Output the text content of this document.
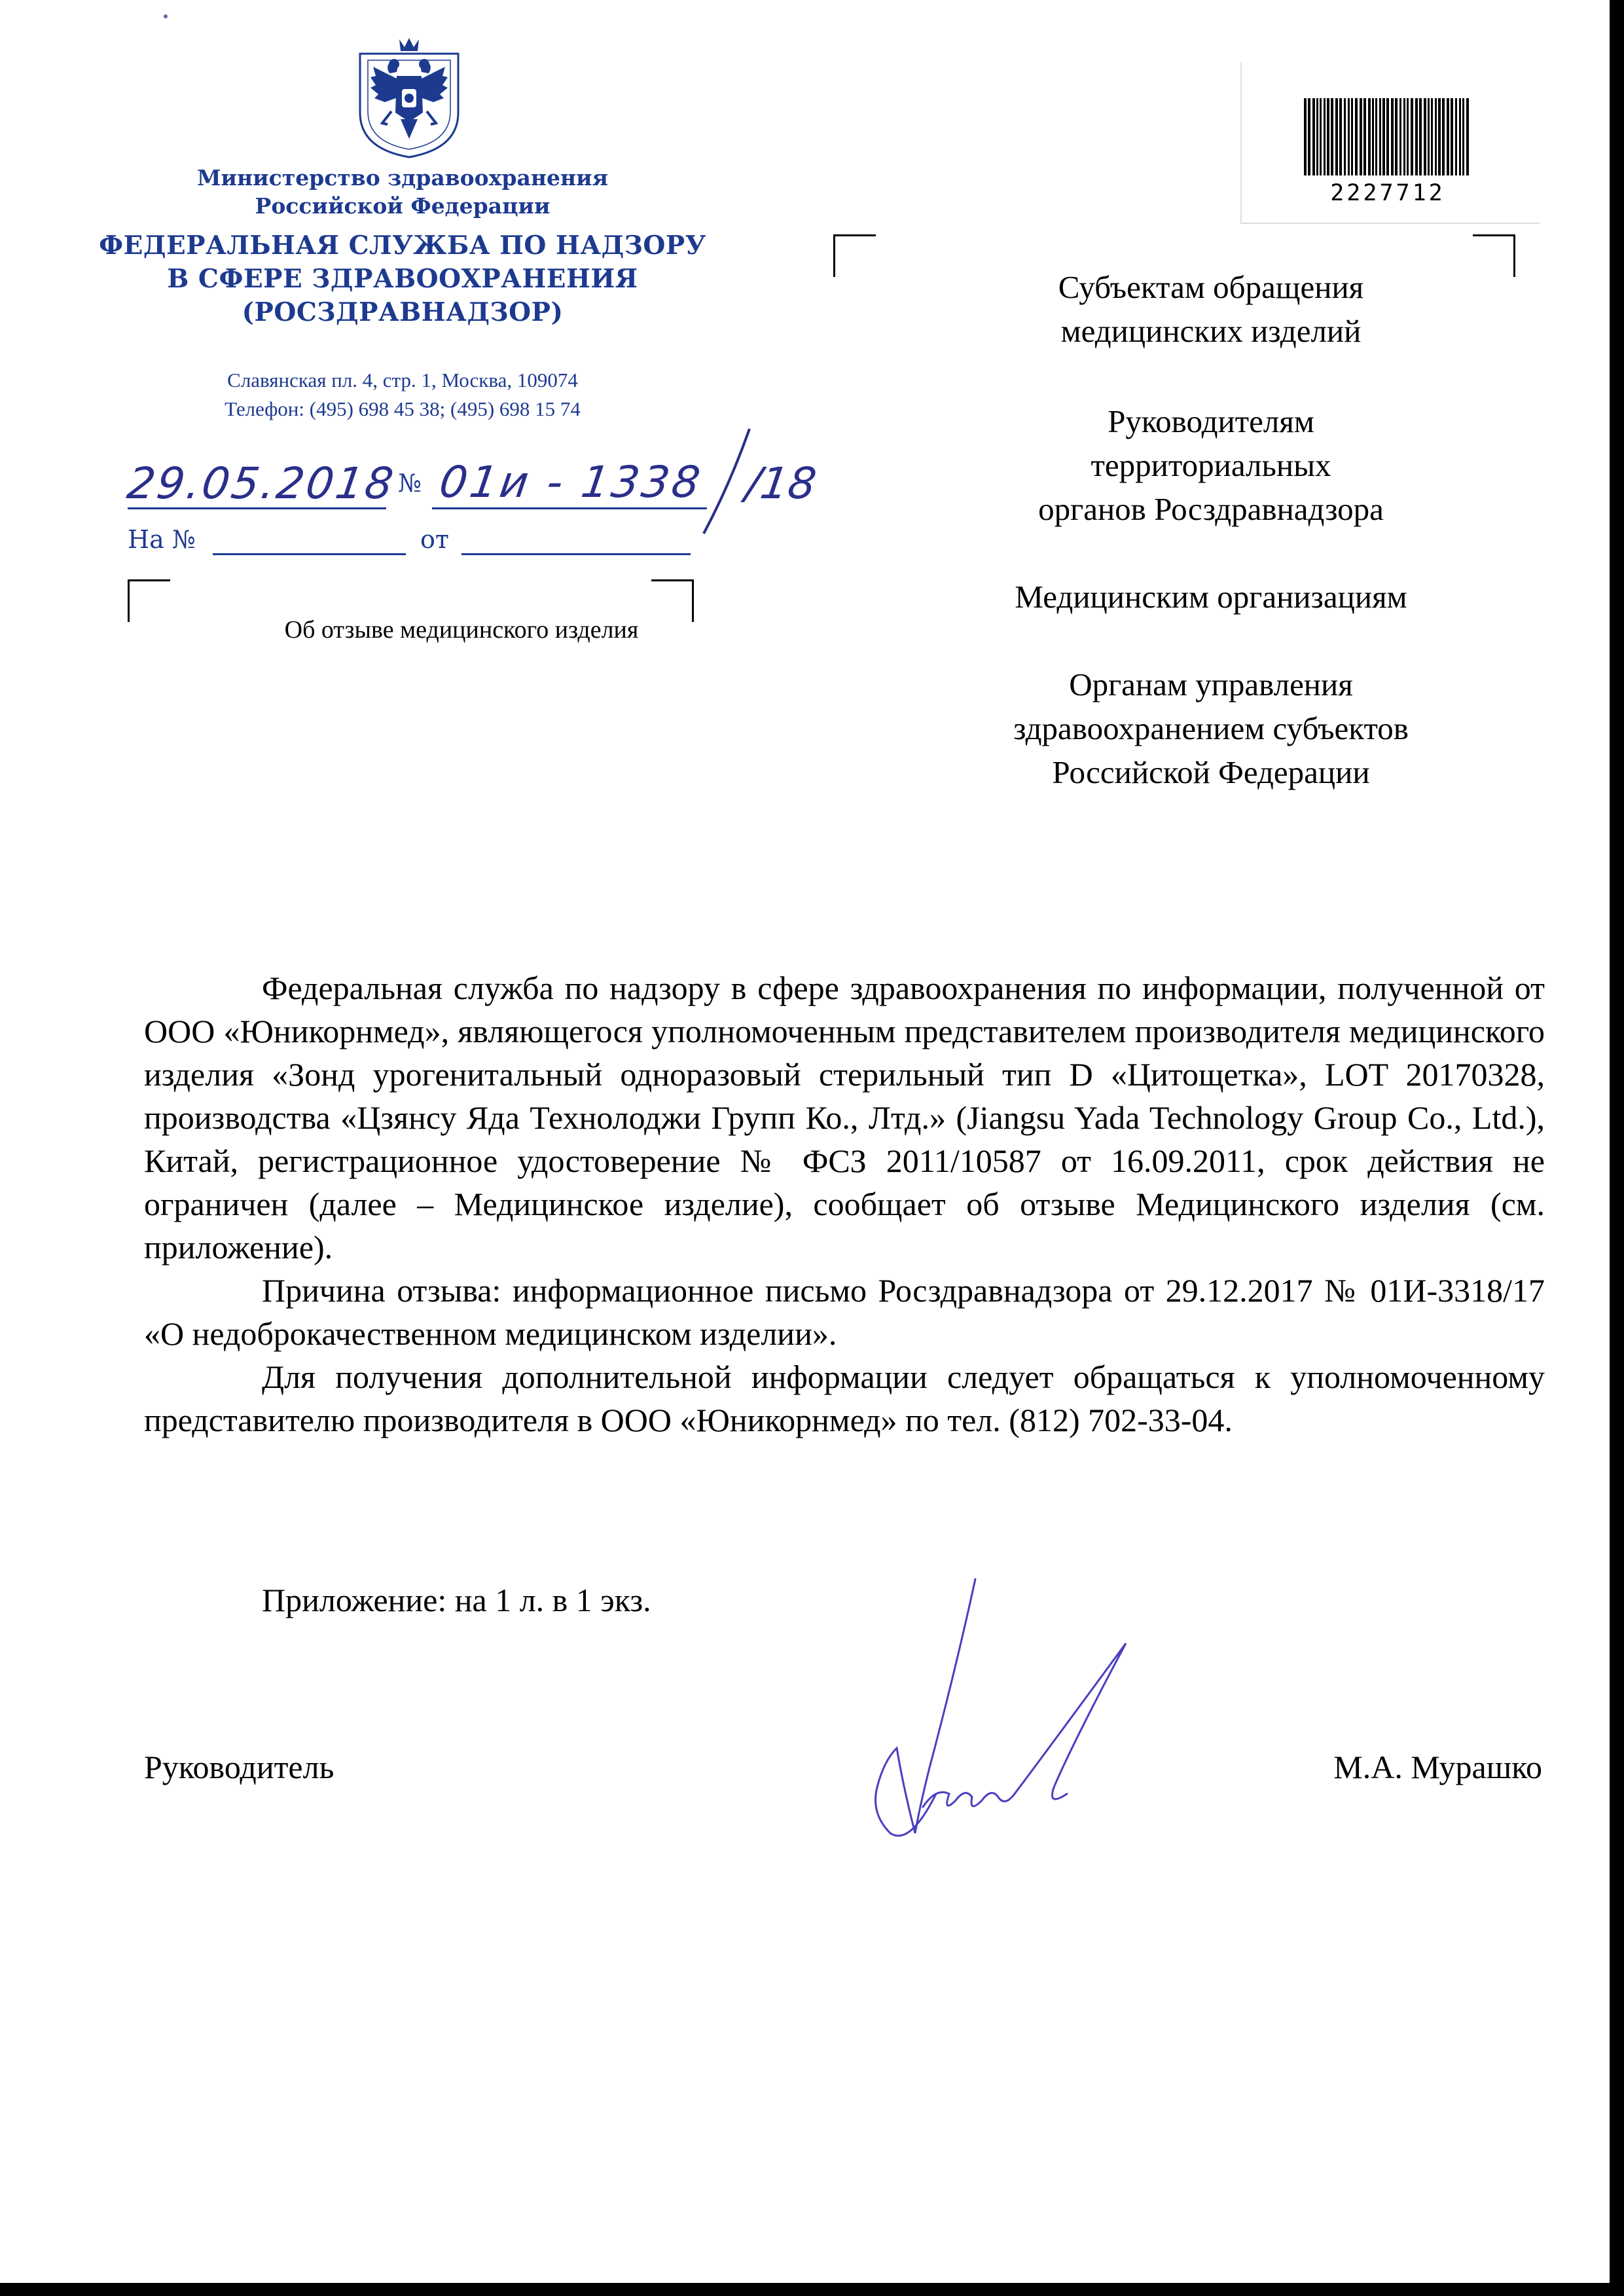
Министерство здравоохранения
Российской Федерации
ФЕДЕРАЛЬНАЯ СЛУЖБА ПО НАДЗОРУ
В СФЕРЕ ЗДРАВООХРАНЕНИЯ
(РОСЗДРАВНАДЗОР)
Славянская пл. 4, стр. 1, Москва, 109074
Телефон: (495) 698 45 38; (495) 698 15 74
29.05.2018 № 01и - 1338 /18
На №	от
Об отзыве медицинского изделия
2227712
Субъектам обращения
медицинских изделий
Руководителям
территориальных
органов Росздравнадзора
Медицинским организациям
Органам управления
здравоохранением субъектов
Российской Федерации

Федеральная служба по надзору в сфере здравоохранения по информации, полученной от ООО «Юникорнмед», являющегося уполномоченным представителем производителя медицинского изделия «Зонд урогенитальный одноразовый стерильный тип D «Цитощетка», LOT 20170328, производства «Цзянсу Яда Технолоджи Групп Ко., Лтд.» (Jiangsu Yada Technology Group Co., Ltd.), Китай, регистрационное удостоверение № ФСЗ 2011/10587 от 16.09.2011, срок действия не ограничен (далее – Медицинское изделие), сообщает об отзыве Медицинского изделия (см. приложение).

Причина отзыва: информационное письмо Росздравнадзора от 29.12.2017 № 01И-3318/17 «О недоброкачественном медицинском изделии».

Для получения дополнительной информации следует обращаться к уполномоченному представителю производителя в ООО «Юникорнмед» по тел. (812) 702-33-04.

Приложение: на 1 л. в 1 экз.
Руководитель	М.А. Мурашко
